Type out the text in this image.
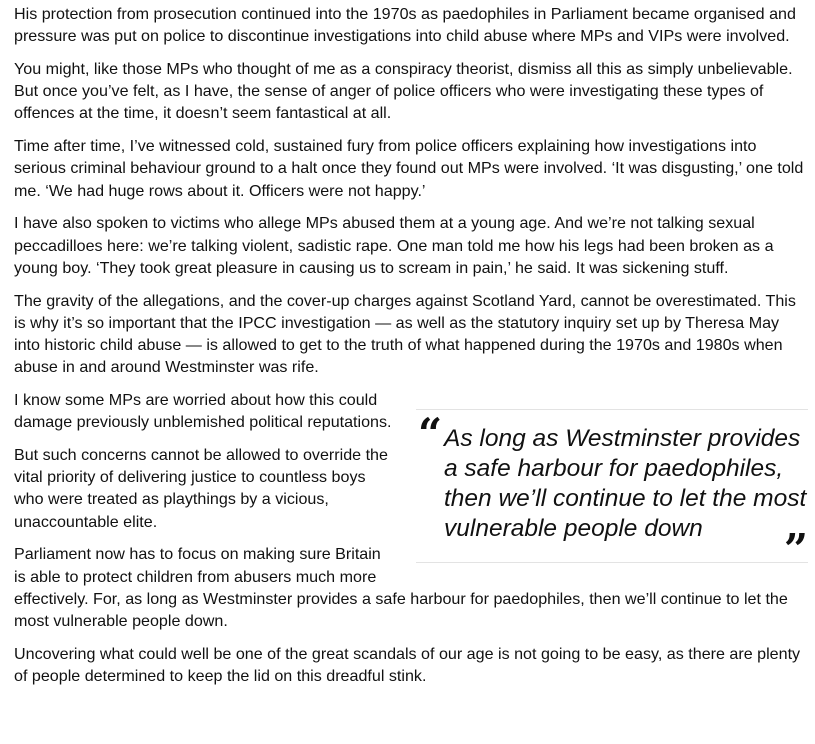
His protection from prosecution continued into the 1970s as paedophiles in Parliament became organised and pressure was put on police to discontinue investigations into child abuse where MPs and VIPs were involved.

You might, like those MPs who thought of me as a conspiracy theorist, dismiss all this as simply unbelievable. But once you’ve felt, as I have, the sense of anger of police officers who were investigating these types of offences at the time, it doesn’t seem fantastical at all.

Time after time, I’ve witnessed cold, sustained fury from police officers explaining how investigations into serious criminal behaviour ground to a halt once they found out MPs were involved. ‘It was disgusting,’ one told me. ‘We had huge rows about it. Officers were not happy.’

I have also spoken to victims who allege MPs abused them at a young age. And we’re not talking sexual peccadilloes here: we’re talking violent, sadistic rape. One man told me how his legs had been broken as a young boy. ‘They took great pleasure in causing us to scream in pain,’ he said. It was sickening stuff.

The gravity of the allegations, and the cover-up charges against Scotland Yard, cannot be overestimated. This is why it’s so important that the IPCC investigation — as well as the statutory inquiry set up by Theresa May into historic child abuse — is allowed to get to the truth of what happened during the 1970s and 1980s when abuse in and around Westminster was rife.

“ As long as Westminster provides a safe harbour for paedophiles, then we’ll continue to let the most vulnerable people down	”

I know some MPs are worried about how this could damage previously unblemished political reputations.

But such concerns cannot be allowed to override the vital priority of delivering justice to countless boys who were treated as playthings by a vicious, unaccountable elite.

Parliament now has to focus on making sure Britain is able to protect children from abusers much more effectively. For, as long as Westminster provides a safe harbour for paedophiles, then we’ll continue to let the most vulnerable people down.

Uncovering what could well be one of the great scandals of our age is not going to be easy, as there are plenty of people determined to keep the lid on this dreadful stink.
